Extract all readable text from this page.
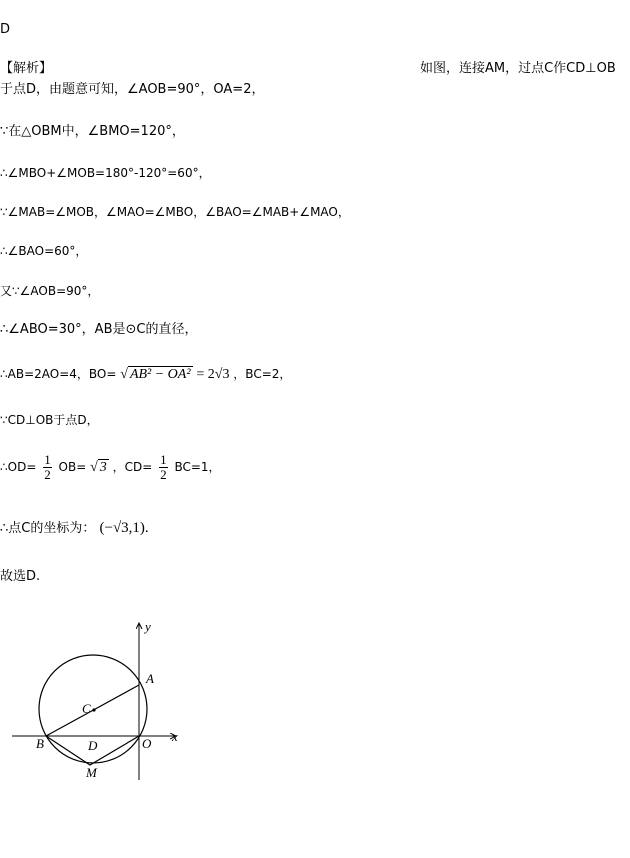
D
【解析】	如图，连接AM，过点C作CD⊥OB
于点D，由题意可知，∠AOB=90°，OA=2，
∵在△OBM中，∠BMO=120°，
∴∠MBO+∠MOB=180°-120°=60°，
∵∠MAB=∠MOB，∠MAO=∠MBO，∠BAO=∠MAB+∠MAO，
∴∠BAO=60°，
又∵∠AOB=90°，
∴∠ABO=30°，AB是⊙C的直径，
∴AB=2AO=4，BO= √ AB² − OA² = 2√3 ，BC=2，
∵CD⊥OB于点D，
∴OD= $\frac{1}{2} OB=$ √ 3 ，$CD= \frac{1}{2} BC=1$，
∴点C的坐标为： (−√3,1).
故选D.
y
x
A
B
C
D	O
M
